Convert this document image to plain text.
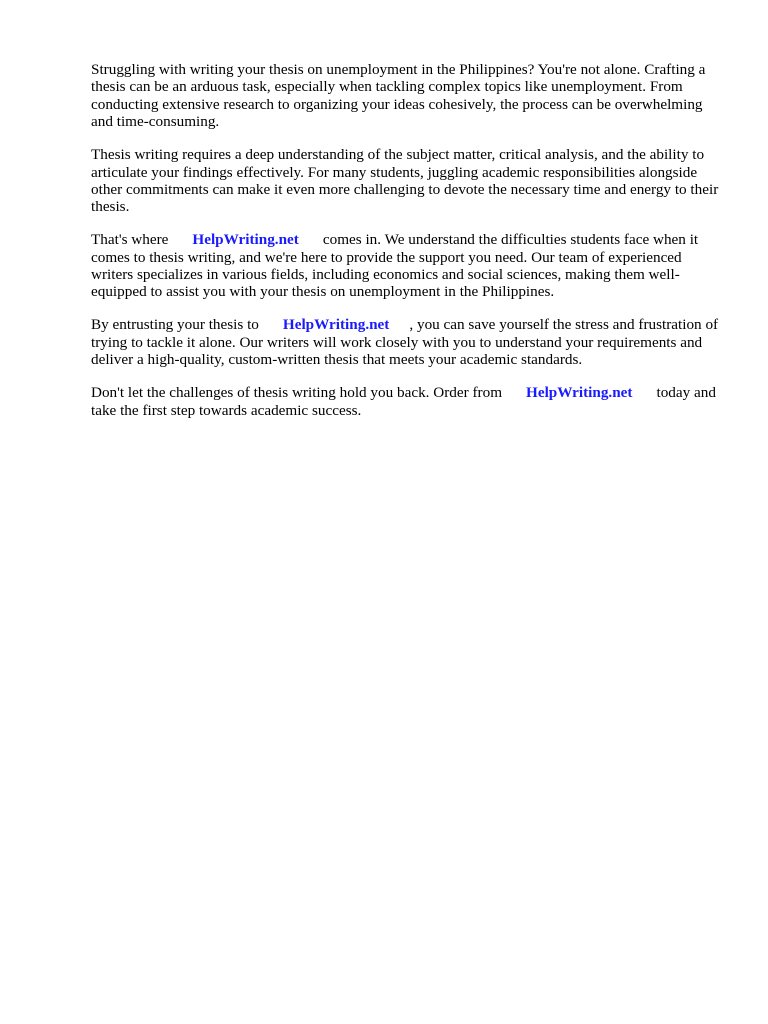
Struggling with writing your thesis on unemployment in the Philippines? You're not alone. Crafting a thesis can be an arduous task, especially when tackling complex topics like unemployment. From conducting extensive research to organizing your ideas cohesively, the process can be overwhelming and time-consuming.

Thesis writing requires a deep understanding of the subject matter, critical analysis, and the ability to articulate your findings effectively. For many students, juggling academic responsibilities alongside other commitments can make it even more challenging to devote the necessary time and energy to their thesis.

That's where HelpWriting.net comes in. We understand the difficulties students face when it comes to thesis writing, and we're here to provide the support you need. Our team of experienced writers specializes in various fields, including economics and social sciences, making them well-equipped to assist you with your thesis on unemployment in the Philippines.

By entrusting your thesis to HelpWriting.net , you can save yourself the stress and frustration of trying to tackle it alone. Our writers will work closely with you to understand your requirements and deliver a high-quality, custom-written thesis that meets your academic standards.

Don't let the challenges of thesis writing hold you back. Order from HelpWriting.net today and take the first step towards academic success.
